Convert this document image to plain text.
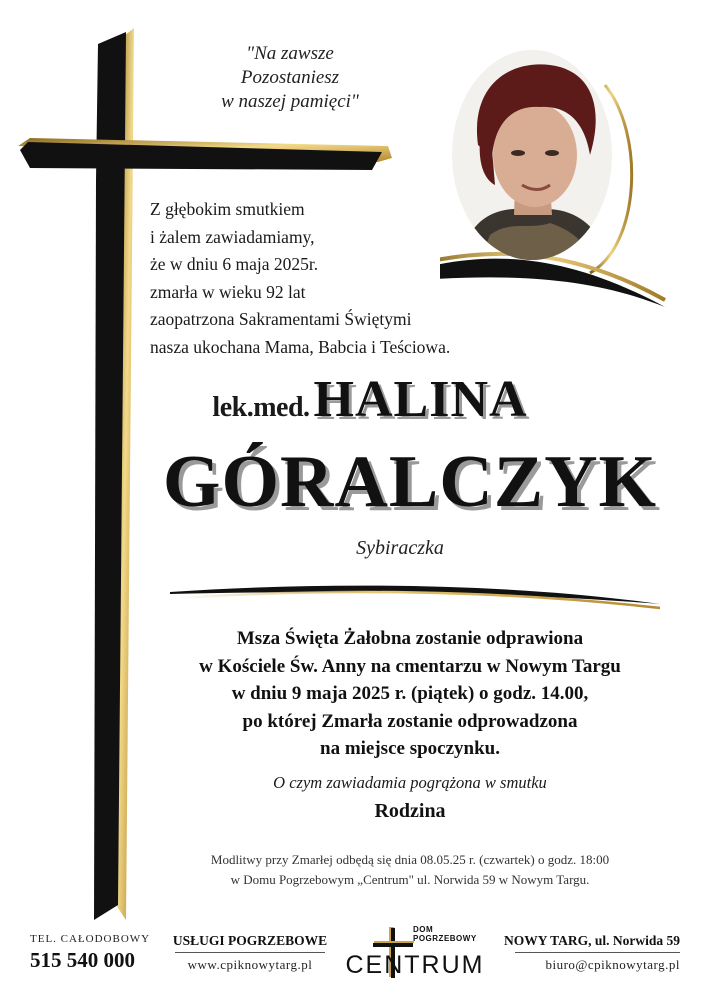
"Na zawsze
Pozostaniesz
w naszej pamięci"
Z głębokim smutkiem
i żalem zawiadamiamy,
że w dniu 6 maja 2025r.
zmarła w wieku 92 lat
zaopatrzona Sakramentami Świętymi
nasza ukochana Mama, Babcia i Teściowa.
lek.med. HALINA
GÓRALCZYK
Sybiraczka
Msza Święta Żałobna zostanie odprawiona
w Kościele Św. Anny na cmentarzu w Nowym Targu
w dniu 9 maja 2025 r. (piątek) o godz. 14.00,
po której Zmarła zostanie odprowadzona
na miejsce spoczynku.
O czym zawiadamia pogrążona w smutku
Rodzina
Modlitwy przy Zmarłej odbędą się dnia 08.05.25 r. (czwartek) o godz. 18:00
w Domu Pogrzebowym „Centrum" ul. Norwida 59 w Nowym Targu.
TEL. CAŁODOBOWY
515 540 000
USŁUGI POGRZEBOWE
www.cpiknowytarg.pl
DOM
POGRZEBOWY
CENTRUM
NOWY TARG, ul. Norwida 59
biuro@cpiknowytarg.pl
